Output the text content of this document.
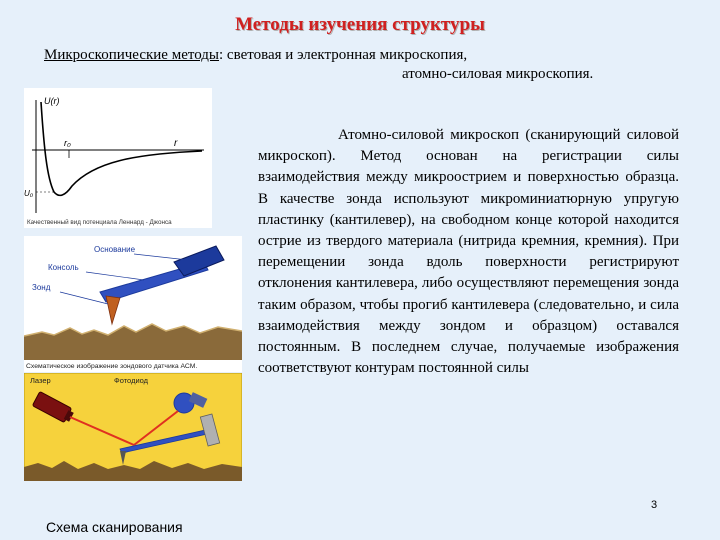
Методы изучения структуры
Микроскопические методы: световая и электронная микроскопия,
атомно-силовая микроскопия.
U(r)
r₀	r
U₀
Качественный вид потенциала Леннард - Джонса
Основание
Консоль
Зонд
Схематическое изображение зондового датчика АСМ.
Лазер	Фотодиод
Атомно-силовой микроскоп (сканирующий силовой микроскоп). Метод основан на регистрации силы взаимодействия между микроострием и поверхностью образца. В качестве зонда используют микроминиатюрную упругую пластинку (кантилевер), на свободном конце которой находится острие из твердого материала (нитрида кремния, кремния). При перемещении зонда вдоль поверхности регистрируют отклонения кантилевера, либо осуществляют перемещения зонда таким образом, чтобы прогиб кантилевера (следовательно, и сила взаимодействия между зондом и образцом) оставался постоянным. В последнем случае, получаемые изображения соответствуют контурам постоянной силы
3
Схема сканирования
